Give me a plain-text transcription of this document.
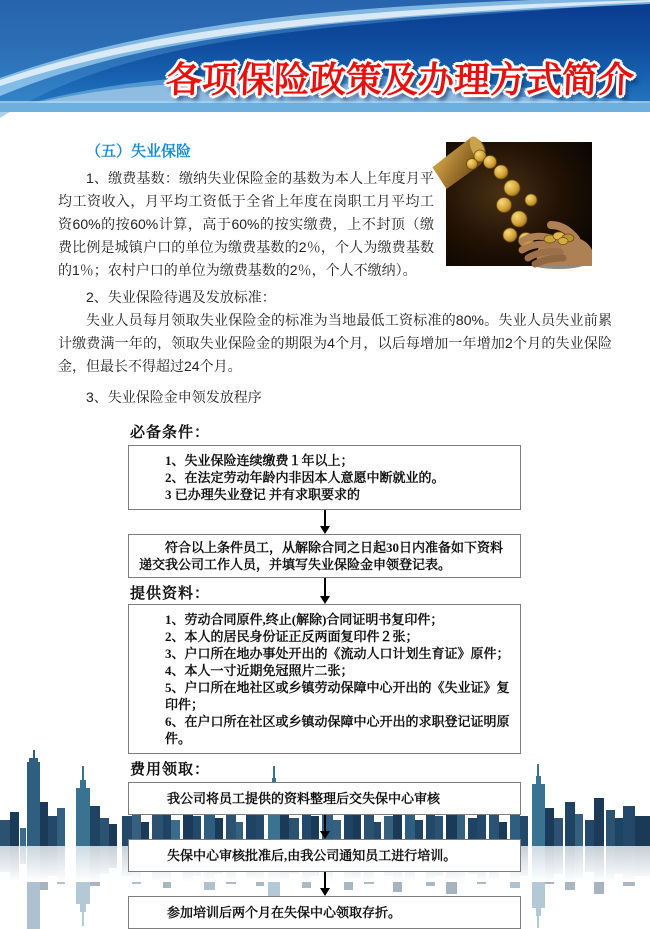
各项保险政策及办理方式简介
（五）失业保险

1、缴费基数：缴纳失业保险金的基数为本人上年度月平均工资收入，月平均工资低于全省上年度在岗职工月平均工资60%的按60%计算，高于60%的按实缴费，上不封顶（缴费比例是城镇户口的单位为缴费基数的2％，个人为缴费基数的1％；农村户口的单位为缴费基数的2％，个人不缴纳）。

2、失业保险待遇及发放标准：

失业人员每月领取失业保险金的标准为当地最低工资标准的80%。失业人员失业前累计缴费满一年的，领取失业保险金的期限为4个月，以后每增加一年增加2个月的失业保险金，但最长不得超过24个月。

3、失业保险金申领发放程序

必备条件：
1、失业保险连续缴费１年以上；
2、在法定劳动年龄内非因本人意愿中断就业的。
3 已办理失业登记 并有求职要求的
符合以上条件员工，从解除合同之日起30日内准备如下资料递交我公司工作人员，并填写失业保险金申领登记表。
提供资料：
1、劳动合同原件,终止(解除)合同证明书复印件；
2、本人的居民身份证正反两面复印件２张；
3、户口所在地办事处开出的《流动人口计划生育证》原件；
4、本人一寸近期免冠照片二张；
5、户口所在地社区或乡镇劳动保障中心开出的《失业证》复印件；
6、在户口所在社区或乡镇动保障中心开出的求职登记证明原件。
费用领取：
我公司将员工提供的资料整理后交失保中心审核
失保中心审核批准后,由我公司通知员工进行培训。
参加培训后两个月在失保中心领取存折。
